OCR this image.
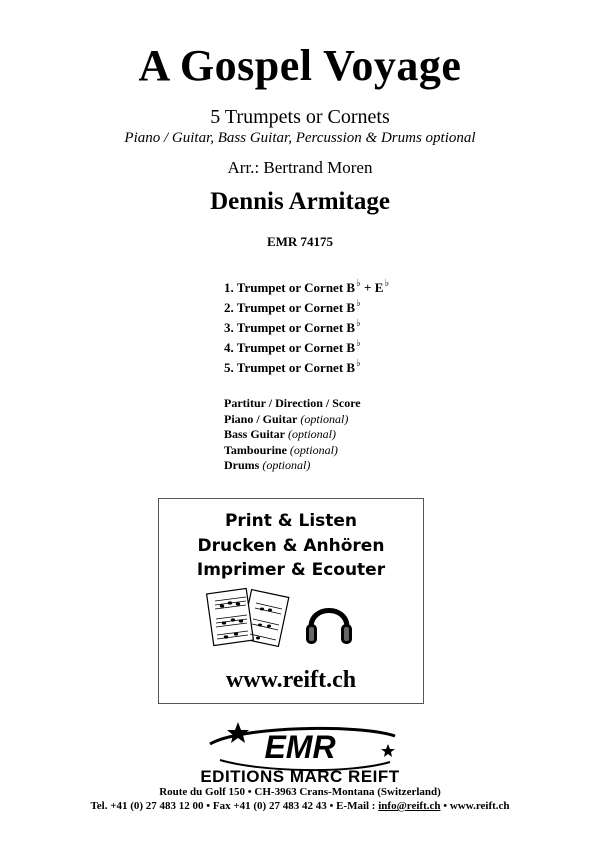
A Gospel Voyage
5 Trumpets or Cornets
Piano / Guitar, Bass Guitar, Percussion & Drums optional
Arr.: Bertrand Moren
Dennis Armitage
EMR 74175
1. Trumpet or Cornet B♭ + E♭
2. Trumpet or Cornet B♭
3. Trumpet or Cornet B♭
4. Trumpet or Cornet B♭
5. Trumpet or Cornet B♭
Partitur / Direction / Score
Piano / Guitar (optional)
Bass Guitar (optional)
Tambourine (optional)
Drums (optional)
Print & Listen
Drucken & Anhören
Imprimer & Ecouter
www.reift.ch
EMR
EDITIONS MARC REIFT
Route du Golf 150 • CH-3963 Crans-Montana (Switzerland)
Tel. +41 (0) 27 483 12 00 • Fax +41 (0) 27 483 42 43 • E-Mail : info@reift.ch • www.reift.ch
